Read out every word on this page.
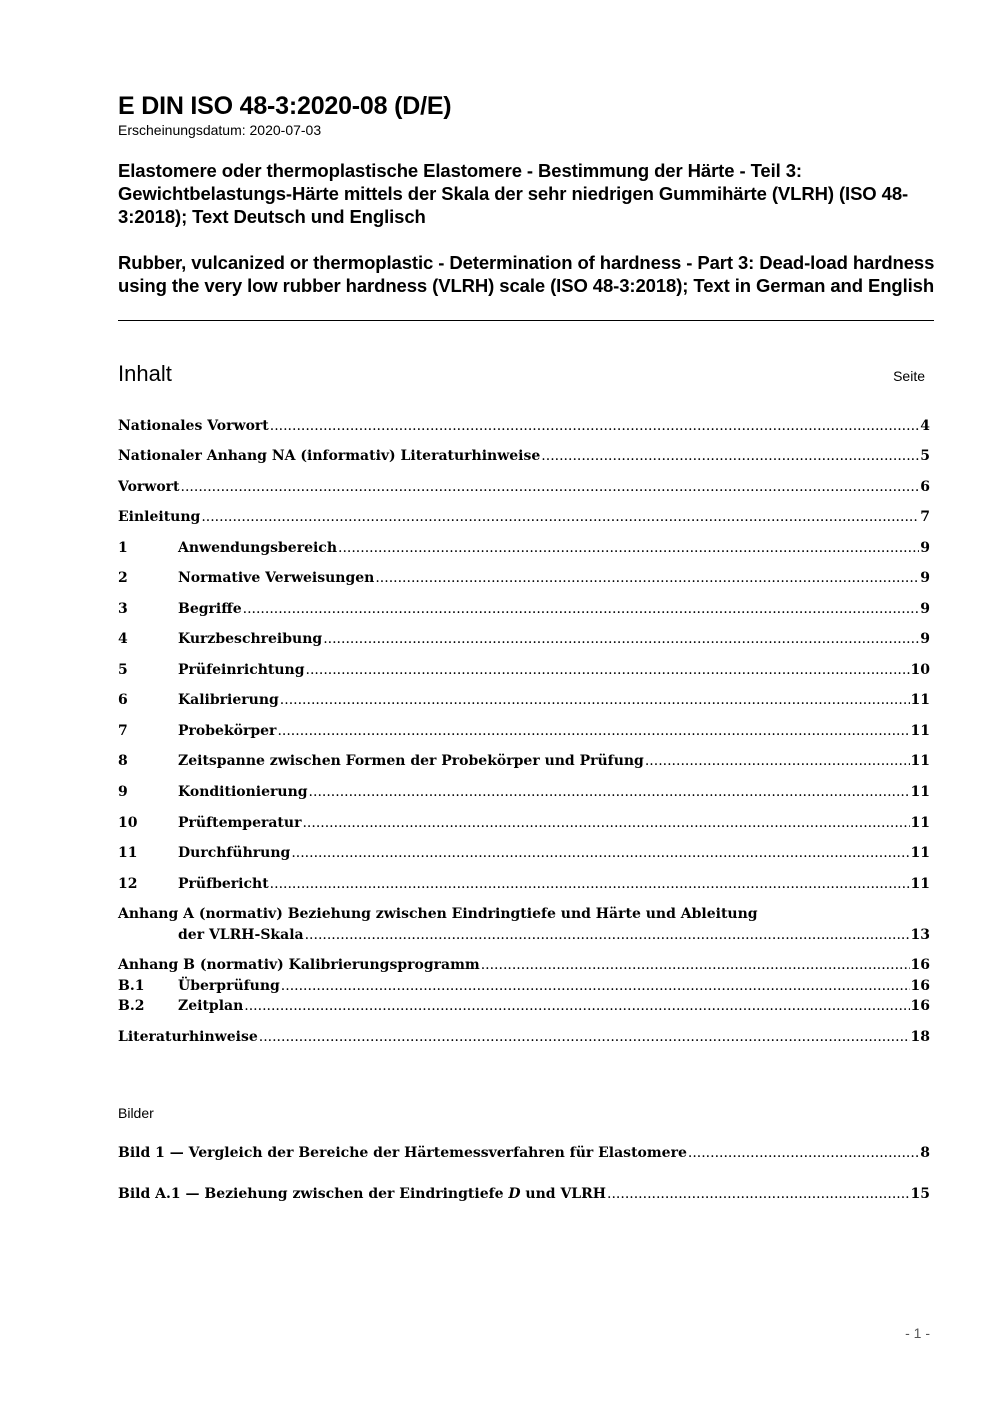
E DIN ISO 48-3:2020-08 (D/E)
Erscheinungsdatum: 2020-07-03
Elastomere oder thermoplastische Elastomere - Bestimmung der Härte - Teil 3: Gewichtbelastungs-Härte mittels der Skala der sehr niedrigen Gummihärte (VLRH) (ISO 48-3:2018); Text Deutsch und Englisch
Rubber, vulcanized or thermoplastic - Determination of hardness - Part 3: Dead-load hardness using the very low rubber hardness (VLRH) scale (ISO 48-3:2018); Text in German and English
Inhalt	Seite
Nationales Vorwort .....	4
Nationaler Anhang NA (informativ) Literaturhinweise .....	5
Vorwort .....	6
Einleitung .....	7
1	Anwendungsbereich .....	9
2	Normative Verweisungen .....	9
3	Begriffe .....	9
4	Kurzbeschreibung .....	9
5	Prüfeinrichtung .....	10
6	Kalibrierung .....	11
7	Probekörper .....	11
8	Zeitspanne zwischen Formen der Probekörper und Prüfung .....	11
9	Konditionierung .....	11
10	Prüftemperatur .....	11
11	Durchführung .....	11
12	Prüfbericht .....	11
Anhang A (normativ) Beziehung zwischen Eindringtiefe und Härte und Ableitung
der VLRH-Skala .....	13
Anhang B (normativ) Kalibrierungsprogramm .....	16
B.1	Überprüfung .....	16
B.2	Zeitplan .....	16
Literaturhinweise .....	18
Bilder
Bild 1 — Vergleich der Bereiche der Härtemessverfahren für Elastomere .....	8
Bild A.1 — Beziehung zwischen der Eindringtiefe D und VLRH .....	15
- 1 -
